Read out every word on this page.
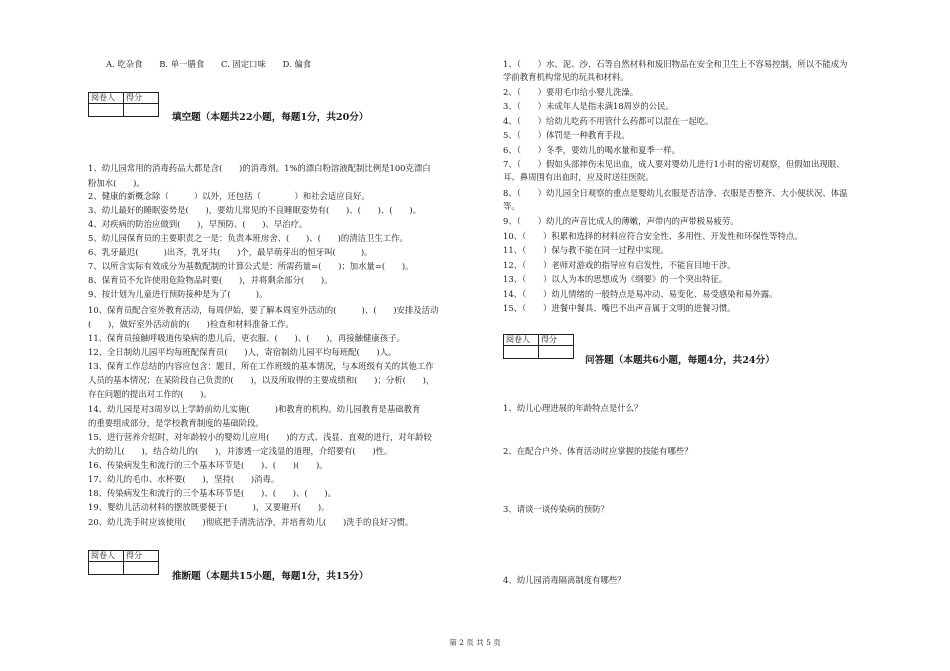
A. 吃杂食　　B. 单一膳食　　C. 固定口味　　D. 偏食
阅卷人	得分

填空题（本题共22小题，每题1分，共20分）
1、幼儿园常用的消毒药品大都是含(　　)的消毒剂。1%的漂白粉溶液配制比例是100克漂白
粉加水(　　)。
2、健康的新概念除（　　　）以外，还包括（　　　　）和社会适应良好。
3、幼儿最好的睡眠姿势是(　　)，要幼儿常见的不良睡眠姿势有(　　)、(　　)、(　　)。
4、对疾病的防治应做到(　　)，早预防、(　　)、早治疗。
5、幼儿园保育员的主要职责之一是：负责本班房舍、(　　)、(　　)的清洁卫生工作。
6、乳牙最迟(　　　)出齐，乳牙共(　　)个，最早萌芽出的恒牙叫(　　　)。
7、以所含实际有效成分为基数配制的计算公式是：所需药量=(　　)；加水量=(　　)。
8、保育员不允许使用危险物品时要(　　)，并将剩余部分(　　)。
9、按计划为儿童进行预防接种是为了(　　　)。
10、保育员配合室外教育活动，每周伊始，要了解本周室外活动的(　　　)、(　　)安排及活动
(　　)，做好室外活动前的(　　)检查和材料准备工作。
11、保育员接触呼吸道传染病的患儿后，更衣服、(　　)、(　　)，再接触健康孩子。
12、全日制幼儿园平均每班配保育员(　　)人，寄宿制幼儿园平均每班配(　　)人。
13、保育工作总结的内容应包含：题目，所在工作班级的基本情况，与本班级有关的其他工作
人员的基本情况；在某阶段自己负责的(　　)，以及所取得的主要成绩和(　　)；分析(　　)，
存在问题的提出对工作的(　　)。
14、幼儿园是对3周岁以上学龄前幼儿实施(　　　)和教育的机构。幼儿园教育是基础教育
的重要组成部分，是学校教育制度的基础阶段。
15、进行营养介绍时，对年龄较小的婴幼儿应用(　　)的方式、浅显、直观的进行，对年龄较
大的幼儿(　　)，结合幼儿的(　　)，并渗透一定浅显的道理，介绍要有(　　)性。
16、传染病发生和流行的三个基本环节是(　　)、(　　)(　　)。
17、幼儿的毛巾、水杯要(　　)，坚持(　　)消毒。
18、传染病发生和流行的三个基本环节是(　　)、(　　)、(　　)。
19、婴幼儿活动材料的摆放既要便于(　　　)，又要避开(　　)。
20、幼儿洗手时应该使用(　　)彻底把手清洗洁净，并培育幼儿(　　)洗手的良好习惯。
阅卷人	得分

推断题（本题共15小题，每题1分，共15分）
1、（　　）水、泥、沙、石等自然材料和废旧物品在安全和卫生上不容易控制，所以不能成为
学前教育机构常见的玩具和材料。
2、（　　）要用毛巾给小婴儿洗澡。
3、（　　）未成年人是指未满18周岁的公民。
4、（　　）给幼儿吃药不用管什么药都可以混在一起吃。
5、（　　）体罚是一种教育手段。
6、（　　）冬季，要幼儿的喝水量和夏季一样。
7、（　　）假如头部摔伤未见出血，成人要对婴幼儿进行1小时的密切观察，但假如出现眼、
耳、鼻周围有出血时，应及时送往医院。
8、（　　）幼儿园全日观察的重点是婴幼儿衣服是否洁净、衣服是否整齐、大小便状况、体温
等。
9、（　　）幼儿的声音比成人的薄嫩，声带内的声带极易疲劳。
10、（　　）积累和选择的材料应符合安全性、多用性、开发性和环保性等特点。
11、（　　）保与教不能在同一过程中实现。
12、（　　）老师对游戏的指导应有启发性，不能盲目地干涉。
13、（　　）以人为本的思想成为《纲要》的一个突出特征。
14、（　　）幼儿情绪的一般特点是易冲动、易变化、易受感染和易外露。
15、（　　）进餐中餐具、嘴巴不出声音属于文明的进餐习惯。
阅卷人	得分

问答题（本题共6小题，每题4分，共24分）
1、幼儿心理进展的年龄特点是什么？
2、在配合户外、体育活动时应掌握的技能有哪些？
3、请谈一谈传染病的预防？
4、幼儿园消毒隔离制度有哪些？
第 2 页 共 5 页
